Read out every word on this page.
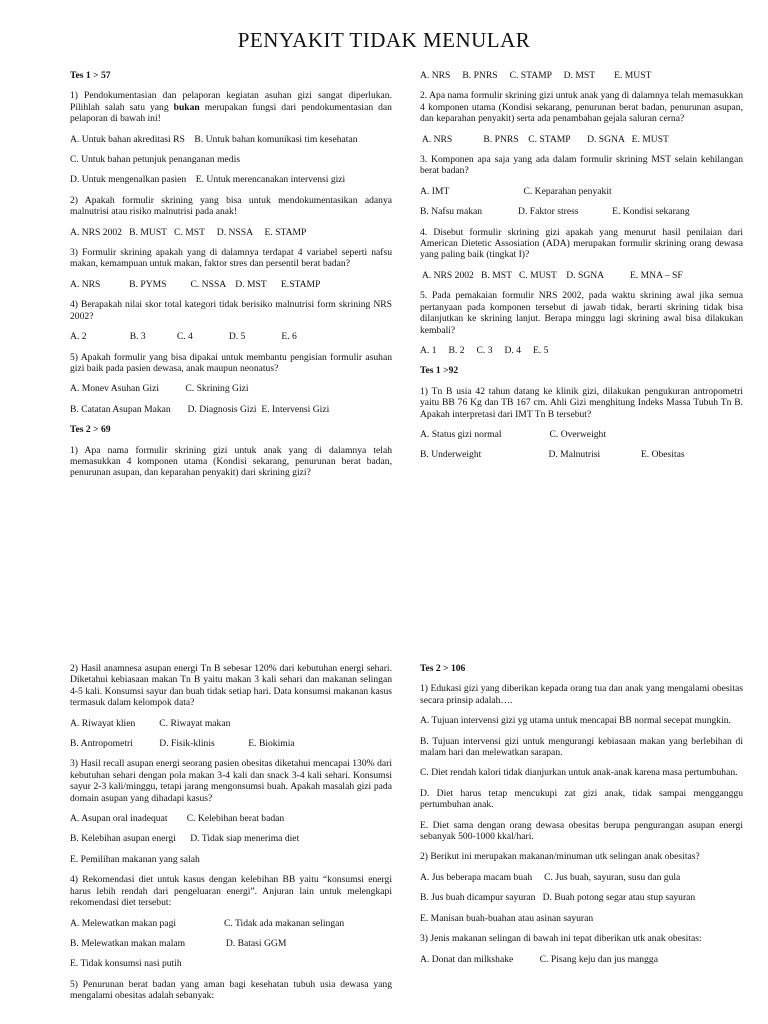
PENYAKIT TIDAK MENULAR

Tes 1 > 57

1) Pendokumentasian dan pelaporan kegiatan asuhan gizi sangat diperlukan. Pilihlah salah satu yang bukan merupakan fungsi dari pendokumentasian dan pelaporan di bawah ini!

A. Untuk bahan akreditasi RS    B. Untuk bahan komunikasi tim kesehatan

C. Untuk bahan petunjuk penanganan medis

D. Untuk mengenalkan pasien    E. Untuk merencanakan intervensi gizi

2) Apakah formulir skrining yang bisa untuk mendokumentasikan adanya malnutrisi atau risiko malnutrisi pada anak!

A. NRS 2002   B. MUST   C. MST     D. NSSA     E. STAMP

3) Formulir skrining apakah yang di dalamnya terdapat 4 variabel seperti nafsu makan, kemampuan untuk makan, faktor stres dan persentil berat badan?

A. NRS            B. PYMS          C. NSSA    D. MST      E.STAMP

4) Berapakah nilai skor total kategori tidak berisiko malnutrisi form skrining NRS 2002?

A. 2                  B. 3             C. 4               D. 5               E. 6

5) Apakah formulir yang bisa dipakai untuk membantu pengisian formulir asuhan gizi baik pada pasien dewasa, anak maupun neonatus?

A. Monev Asuhan Gizi           C. Skrining Gizi

B. Catatan Asupan Makan       D. Diagnosis Gizi  E. Intervensi Gizi

Tes 2 > 69

1) Apa nama formulir skrining gizi untuk anak yang di dalamnya telah memasukkan 4 komponen utama (Kondisi sekarang, penurunan berat badan, penurunan asupan, dan keparahan penyakit) dari skrining gizi?

A. NRS     B. PNRS     C. STAMP     D. MST        E. MUST

2. Apa nama formulir skrining gizi untuk anak yang di dalamnya telah memasukkan 4 komponen utama (Kondisi sekarang, penurunan berat badan, penurunan asupan, dan keparahan penyakit) serta ada penambahan gejala saluran cerna?

A. NRS             B. PNRS    C. STAMP       D. SGNA   E. MUST

3. Komponen apa saja yang ada dalam formulir skrining MST selain kehilangan berat badan?

A. IMT                               C. Keparahan penyakit

B. Nafsu makan               D. Faktor stress              E. Kondisi sekarang

4. Disebut formulir skrining gizi apakah yang menurut hasil penilaian dari American Dietetic Assosiation (ADA) merupakan formulir skrining orang dewasa yang paling baik (tingkat I)?

A. NRS 2002   B. MST   C. MUST    D. SGNA           E. MNA – SF

5. Pada pemakaian formulir NRS 2002, pada waktu skrining awal jika semua pertanyaan pada komponen tersebut di jawab tidak, berarti skrining tidak bisa dilanjutkan ke skrining lanjut. Berapa minggu lagi skrining awal bisa dilakukan kembali?

A. 1     B. 2     C. 3     D. 4     E. 5

Tes 1 >92

1) Tn B usia 42 tahun datang ke klinik gizi, dilakukan pengukuran antropometri yaitu BB 76 Kg dan TB 167 cm. Ahli Gizi menghitung Indeks Massa Tubuh Tn B. Apakah interpretasi dari IMT Tn B tersebut?

A. Status gizi normal                    C. Overweight

B. Underweight                            D. Malnutrisi                 E. Obesitas

2) Hasil anamnesa asupan energi Tn B sebesar 120% dari kebutuhan energi sehari. Diketahui kebiasaan makan Tn B yaitu makan 3 kali sehari dan makanan selingan 4-5 kali. Konsumsi sayur dan buah tidak setiap hari. Data konsumsi makanan kasus termasuk dalam kelompok data?

A. Riwayat klien          C. Riwayat makan

B. Antropometri           D. Fisik-klinis              E. Biokimia

3) Hasil recall asupan energi seorang pasien obesitas diketahui mencapai 130% dari kebutuhan sehari dengan pola makan 3-4 kali dan snack 3-4 kali sehari. Konsumsi sayur 2-3 kali/minggu, tetapi jarang mengonsumsi buah. Apakah masalah gizi pada domain asupan yang dihadapi kasus?

A. Asupan oral inadequat        C. Kelebihan berat badan

B. Kelebihan asupan energi      D. Tidak siap menerima diet

E. Pemilihan makanan yang salah

4) Rekomendasi diet untuk kasus dengan kelebihan BB yaitu “konsumsi energi harus lebih rendah dari pengeluaran energi”. Anjuran lain untuk melengkapi rekomendasi diet tersebut:

A. Melewatkan makan pagi                    C. Tidak ada makanan selingan

B. Melewatkan makan malam                 D. Batasi GGM

E. Tidak konsumsi nasi putih

5) Penurunan berat badan yang aman bagi kesehatan tubuh usia dewasa yang mengalami obesitas adalah sebanyak:

Tes 2 > 106

1) Edukasi gizi yang diberikan kepada orang tua dan anak yang mengalami obesitas secara prinsip adalah….

A. Tujuan intervensi gizi yg utama untuk mencapai BB normal secepat mungkin.

B. Tujuan intervensi gizi untuk mengurangi kebiasaan makan yang berlebihan di malam hari dan melewatkan sarapan.

C. Diet rendah kalori tidak dianjurkan untuk anak-anak karena masa pertumbuhan.

D. Diet harus tetap mencukupi zat gizi anak, tidak sampai mengganggu pertumbuhan anak.

E. Diet sama dengan orang dewasa obesitas berupa pengurangan asupan energi sebanyak 500-1000 kkal/hari.

2) Berikut ini merupakan makanan/minuman utk selingan anak obesitas?

A. Jus beberapa macam buah     C. Jus buah, sayuran, susu dan gula

B. Jus buah dicampur sayuran   D. Buah potong segar atau stup sayuran

E. Manisan buah-buahan atau asinan sayuran

3) Jenis makanan selingan di bawah ini tepat diberikan utk anak obesitas:

A. Donat dan milkshake           C. Pisang keju dan jus mangga
